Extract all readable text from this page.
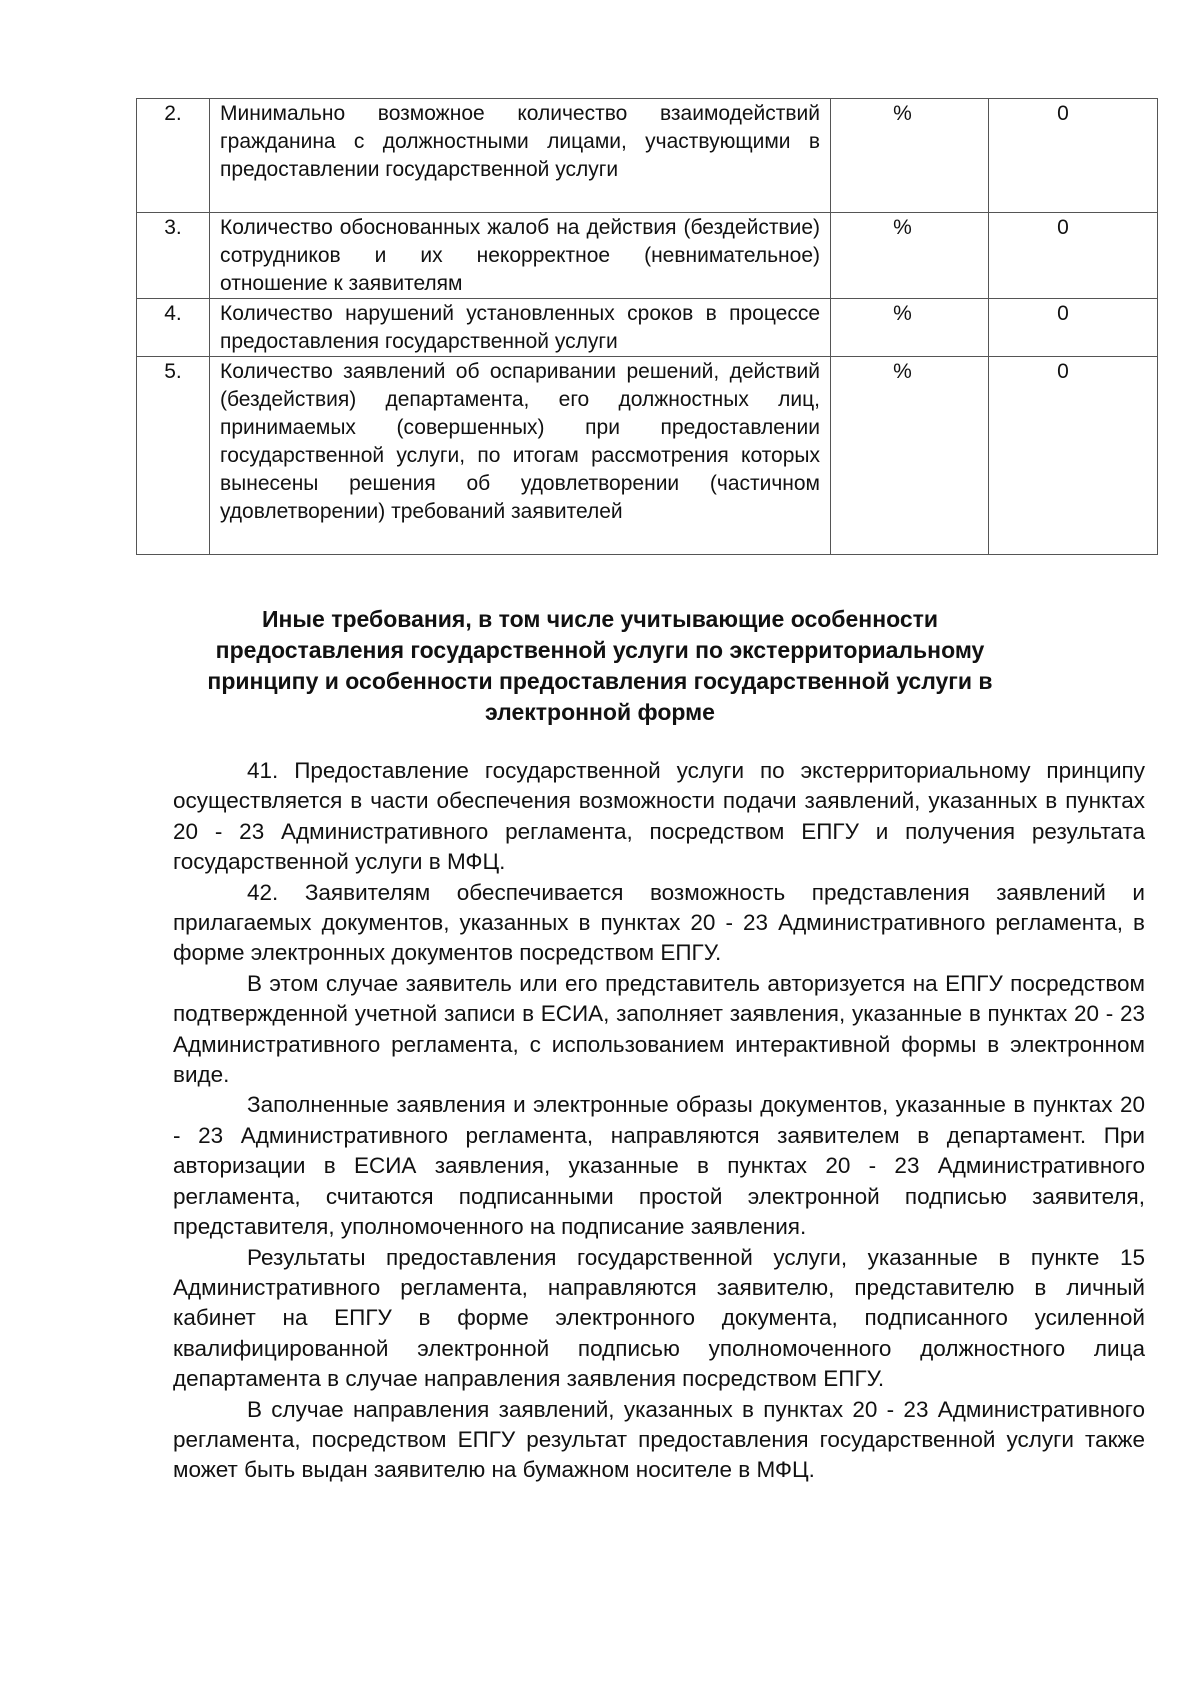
2.	Минимально возможное количество взаимодействий гражданина с должностными лицами, участвующими в предоставлении государственной услуги	%	0
3.	Количество обоснованных жалоб на действия (бездействие) сотрудников и их некорректное (невнимательное) отношение к заявителям	%	0
4.	Количество нарушений установленных сроков в процессе предоставления государственной услуги	%	0
5.	Количество заявлений об оспаривании решений, действий (бездействия) департамента, его должностных лиц, принимаемых (совершенных) при предоставлении государственной услуги, по итогам рассмотрения которых вынесены решения об удовлетворении (частичном удовлетворении) требований заявителей	%	0
Иные требования, в том числе учитывающие особенности предоставления государственной услуги по экстерриториальному принципу и особенности предоставления государственной услуги в электронной форме

41. Предоставление государственной услуги по экстерриториальному принципу осуществляется в части обеспечения возможности подачи заявлений, указанных в пунктах 20 - 23 Административного регламента, посредством ЕПГУ и получения результата государственной услуги в МФЦ.

42. Заявителям обеспечивается возможность представления заявлений и прилагаемых документов, указанных в пунктах 20 - 23 Административного регламента, в форме электронных документов посредством ЕПГУ.

В этом случае заявитель или его представитель авторизуется на ЕПГУ посредством подтвержденной учетной записи в ЕСИА, заполняет заявления, указанные в пунктах 20 - 23 Административного регламента, с использованием интерактивной формы в электронном виде.

Заполненные заявления и электронные образы документов, указанные в пунктах 20 - 23 Административного регламента, направляются заявителем в департамент. При авторизации в ЕСИА заявления, указанные в пунктах 20 - 23 Административного регламента, считаются подписанными простой электронной подписью заявителя, представителя, уполномоченного на подписание заявления.

Результаты предоставления государственной услуги, указанные в пункте 15 Административного регламента, направляются заявителю, представителю в личный кабинет на ЕПГУ в форме электронного документа, подписанного усиленной квалифицированной электронной подписью уполномоченного должностного лица департамента в случае направления заявления посредством ЕПГУ.

В случае направления заявлений, указанных в пунктах 20 - 23 Административного регламента, посредством ЕПГУ результат предоставления государственной услуги также может быть выдан заявителю на бумажном носителе в МФЦ.
